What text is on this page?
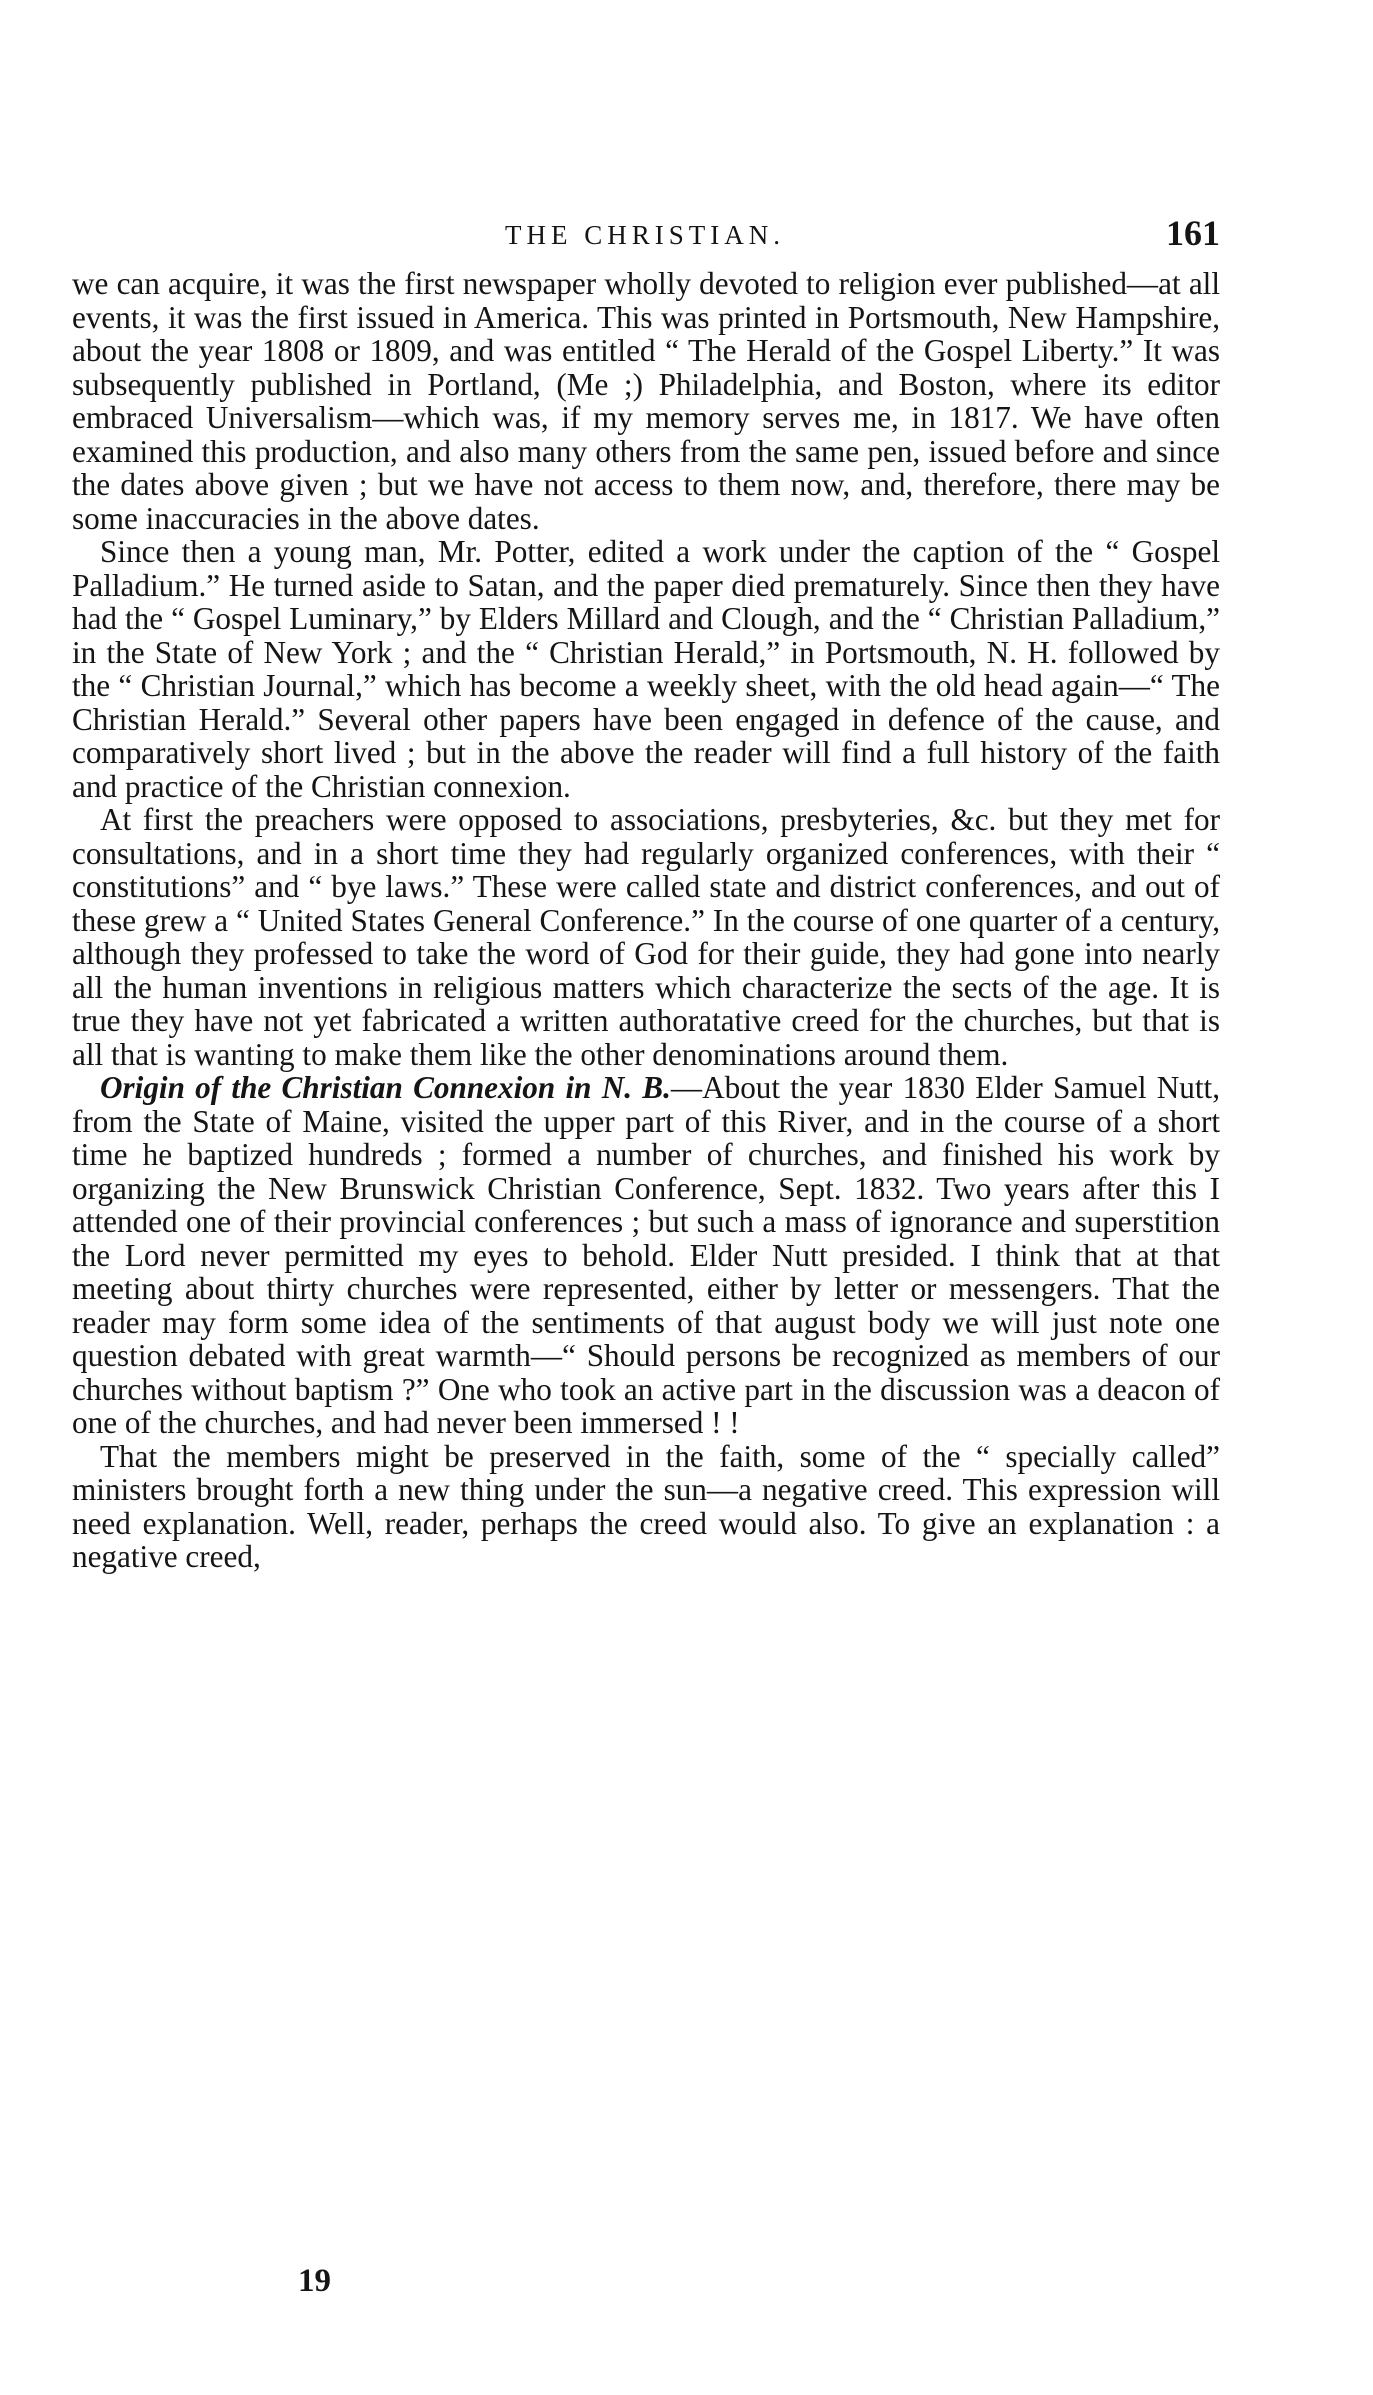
THE CHRISTIAN.	161

we can acquire, it was the first newspaper wholly devoted to religion ever published—at all events, it was the first issued in America. This was printed in Portsmouth, New Hampshire, about the year 1808 or 1809, and was entitled “ The Herald of the Gospel Liberty.” It was subsequently published in Portland, (Me ;) Philadelphia, and Boston, where its editor embraced Universalism—which was, if my memory serves me, in 1817. We have often examined this production, and also many others from the same pen, issued before and since the dates above given ; but we have not access to them now, and, therefore, there may be some inaccuracies in the above dates.

Since then a young man, Mr. Potter, edited a work under the caption of the “ Gospel Palladium.” He turned aside to Satan, and the paper died prematurely. Since then they have had the “ Gospel Luminary,” by Elders Millard and Clough, and the “ Christian Palladium,” in the State of New York ; and the “ Christian Herald,” in Portsmouth, N. H. followed by the “ Christian Journal,” which has become a weekly sheet, with the old head again—“ The Christian Herald.” Several other papers have been engaged in defence of the cause, and comparatively short lived ; but in the above the reader will find a full history of the faith and practice of the Christian connexion.

At first the preachers were opposed to associations, presbyteries, &c. but they met for consultations, and in a short time they had regularly organized conferences, with their “ constitutions” and “ bye laws.” These were called state and district conferences, and out of these grew a “ United States General Conference.” In the course of one quarter of a century, although they professed to take the word of God for their guide, they had gone into nearly all the human inventions in religious matters which characterize the sects of the age. It is true they have not yet fabricated a written authoratative creed for the churches, but that is all that is wanting to make them like the other denominations around them.

Origin of the Christian Connexion in N. B.—About the year 1830 Elder Samuel Nutt, from the State of Maine, visited the upper part of this River, and in the course of a short time he baptized hundreds ; formed a number of churches, and finished his work by organizing the New Brunswick Christian Conference, Sept. 1832. Two years after this I attended one of their provincial conferences ; but such a mass of ignorance and superstition the Lord never permitted my eyes to behold. Elder Nutt presided. I think that at that meeting about thirty churches were represented, either by letter or messengers. That the reader may form some idea of the sentiments of that august body we will just note one question debated with great warmth—“ Should persons be recognized as members of our churches without baptism ?” One who took an active part in the discussion was a deacon of one of the churches, and had never been immersed ! !

That the members might be preserved in the faith, some of the “ specially called” ministers brought forth a new thing under the sun—a negative creed. This expression will need explanation. Well, reader, perhaps the creed would also. To give an explanation : a negative creed,

19
